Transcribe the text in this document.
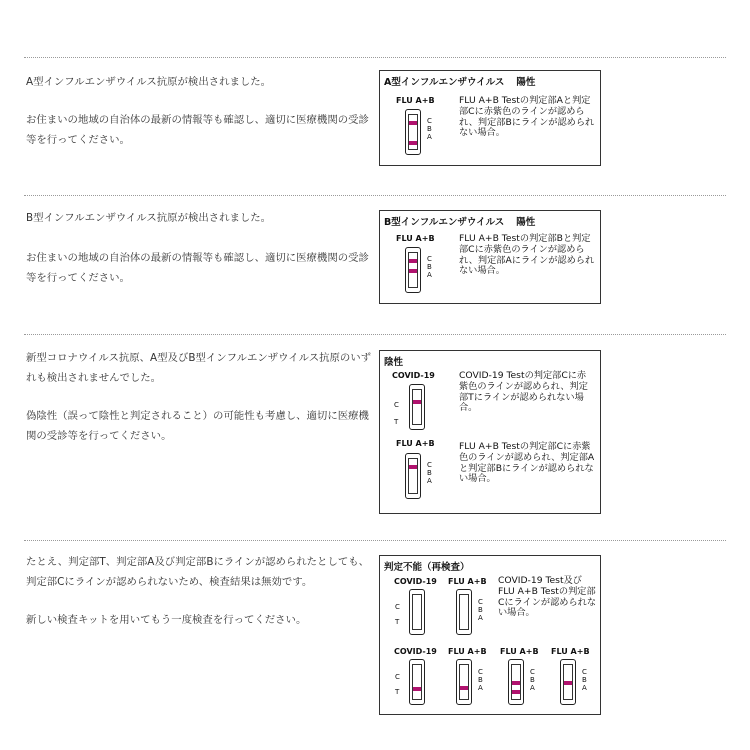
A型インフルエンザウイルス抗原が検出されました。
お住まいの地域の自治体の最新の情報等も確認し、適切に医療機関の受診等を行ってください。
A型インフルエンザウイルス 陽性
FLU A+B
C B A
FLU A+B Testの判定部Aと判定部Cに赤紫色のラインが認められ、判定部Bにラインが認められない場合。
B型インフルエンザウイルス抗原が検出されました。
お住まいの地域の自治体の最新の情報等も確認し、適切に医療機関の受診等を行ってください。
B型インフルエンザウイルス 陽性
FLU A+B
C B A
FLU A+B Testの判定部Bと判定部Cに赤紫色のラインが認められ、判定部Aにラインが認められない場合。
新型コロナウイルス抗原、A型及びB型インフルエンザウイルス抗原のいずれも検出されませんでした。
偽陰性（誤って陰性と判定されること）の可能性も考慮し、適切に医療機関の受診等を行ってください。
陰性
COVID-19
C T
COVID-19 Testの判定部Cに赤紫色のラインが認められ、判定部Tにラインが認められない場合。
FLU A+B
C B A
FLU A+B Testの判定部Cに赤紫色のラインが認められ、判定部Aと判定部Bにラインが認められない場合。
たとえ、判定部T、判定部A及び判定部Bにラインが認められたとしても、判定部Cにラインが認められないため、検査結果は無効です。
新しい検査キットを用いてもう一度検査を行ってください。
判定不能（再検査）
COVID-19
C T
FLU A+B
C B A
COVID-19 Test及びFLU A+B Testの判定部Cにラインが認められない場合。
COVID-19
C T
FLU A+B
C B A
FLU A+B
C B A
FLU A+B
C B A
